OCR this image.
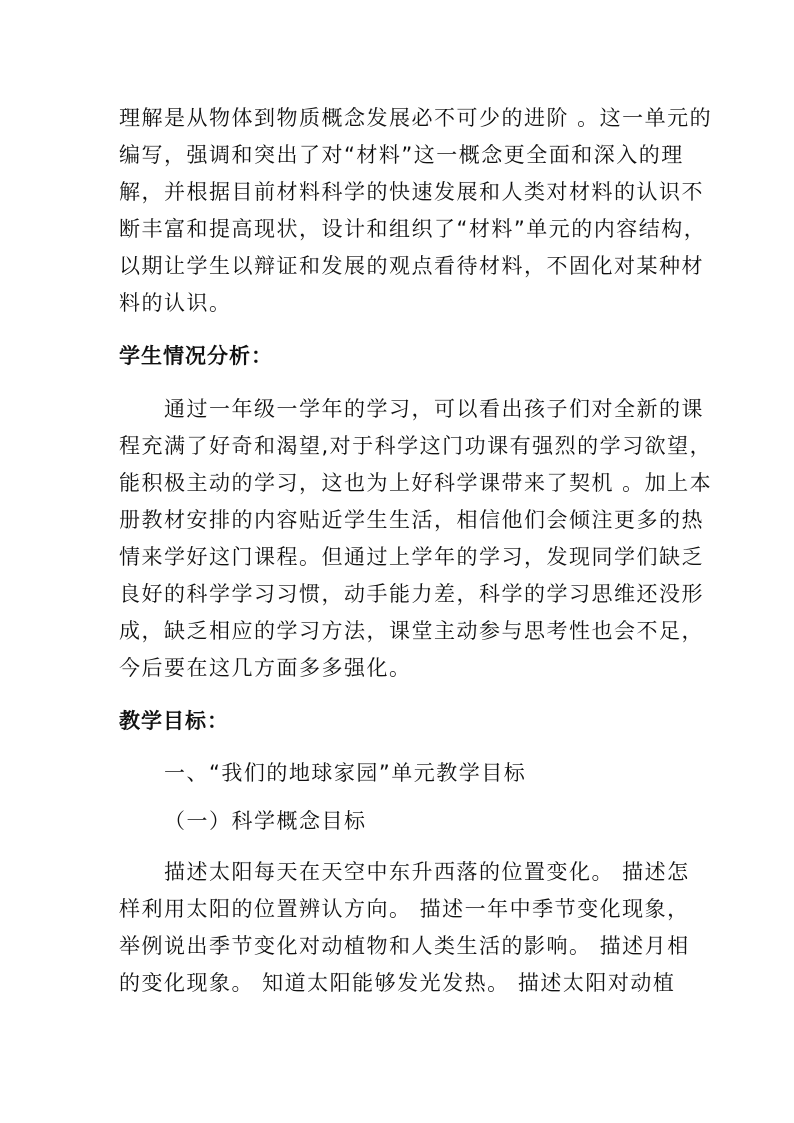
理解是从物体到物质概念发展必不可少的进阶 。这一单元的
编写，强调和突出了对“材料”这一概念更全面和深入的理
解，并根据目前材料科学的快速发展和人类对材料的认识不
断丰富和提高现状，设计和组织了“材料”单元的内容结构，
以期让学生以辩证和发展的观点看待材料，不固化对某种材
料的认识。
学生情况分析：
通过一年级一学年的学习，可以看出孩子们对全新的课
程充满了好奇和渴望,对于科学这门功课有强烈的学习欲望，
能积极主动的学习，这也为上好科学课带来了契机 。加上本
册教材安排的内容贴近学生生活，相信他们会倾注更多的热
情来学好这门课程。但通过上学年的学习，发现同学们缺乏
良好的科学学习习惯，动手能力差，科学的学习思维还没形
成，缺乏相应的学习方法，课堂主动参与思考性也会不足，
今后要在这几方面多多强化。
教学目标：
一、“我们的地球家园”单元教学目标
（一）科学概念目标
描述太阳每天在天空中东升西落的位置变化。 描述怎
样利用太阳的位置辨认方向。 描述一年中季节变化现象，
举例说出季节变化对动植物和人类生活的影响。 描述月相
的变化现象。 知道太阳能够发光发热。 描述太阳对动植
